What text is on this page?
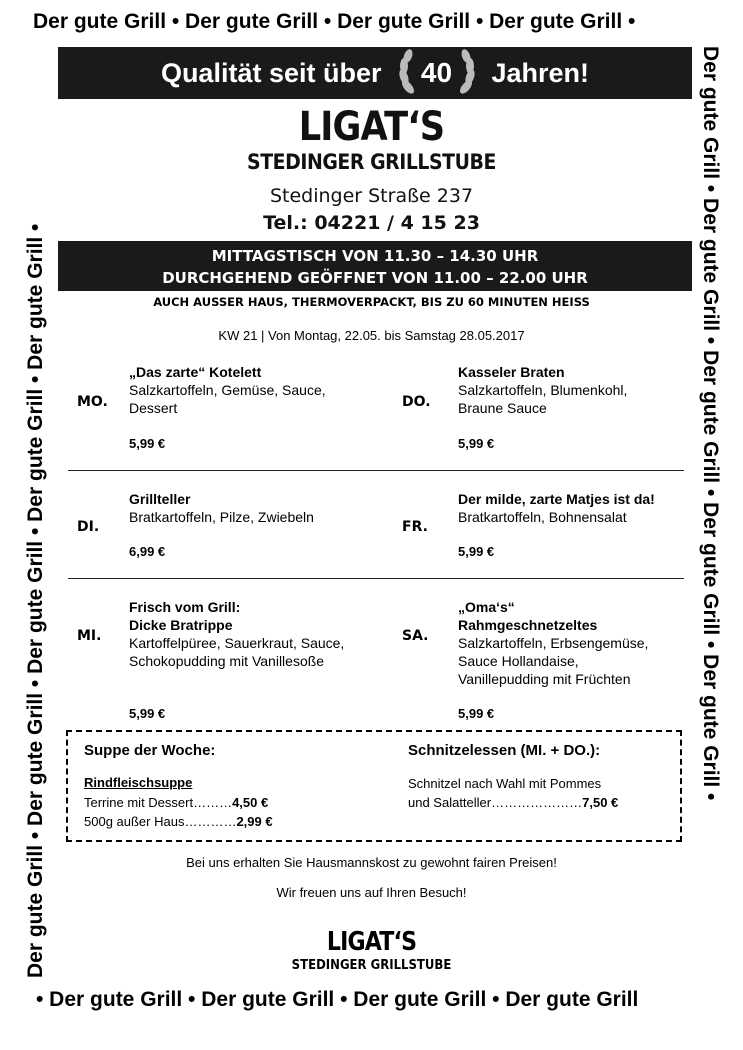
Der gute Grill • Der gute Grill • Der gute Grill • Der gute Grill •
• Der gute Grill • Der gute Grill • Der gute Grill • Der gute Grill
Der gute Grill • Der gute Grill • Der gute Grill • Der gute Grill • Der gute Grill •	Der gute Grill • Der gute Grill • Der gute Grill • Der gute Grill • Der gute Grill •
Qualität seit über 40 Jahren!
LIGAT‘S
STEDINGER GRILLSTUBE
Stedinger Straße 237
Tel.: 04221 / 4 15 23
MITTAGSTISCH VON 11.30 – 14.30 UHR
DURCHGEHEND GEÖFFNET VON 11.00 – 22.00 UHR
AUCH AUSSER HAUS, THERMOVERPACKT, BIS ZU 60 MINUTEN HEISS
KW 21 | Von Montag, 22.05. bis Samstag 28.05.2017
MO.
„Das zarte“ Kotelett
Salzkartoffeln, Gemüse, Sauce,
Dessert
5,99 €
DO.
Kasseler Braten
Salzkartoffeln, Blumenkohl,
Braune Sauce
5,99 €
DI.
Grillteller
Bratkartoffeln, Pilze, Zwiebeln
6,99 €
FR.
Der milde, zarte Matjes ist da!
Bratkartoffeln, Bohnensalat
5,99 €
MI.
Frisch vom Grill:
Dicke Bratrippe
Kartoffelpüree, Sauerkraut, Sauce,
Schokopudding mit Vanillesoße
5,99 €
SA.
„Oma‘s“
Rahmgeschnetzeltes
Salzkartoffeln, Erbsengemüse,
Sauce Hollandaise,
Vanillepudding mit Früchten
5,99 €
Suppe der Woche:
Rindfleischsuppe
Terrine mit Dessert………4,50 €
500g außer Haus…………2,99 €
Schnitzelessen (MI. + DO.):
Schnitzel nach Wahl mit Pommes
und Salatteller…………………7,50 €
Bei uns erhalten Sie Hausmannskost zu gewohnt fairen Preisen!
Wir freuen uns auf Ihren Besuch!
LIGAT‘S
STEDINGER GRILLSTUBE
